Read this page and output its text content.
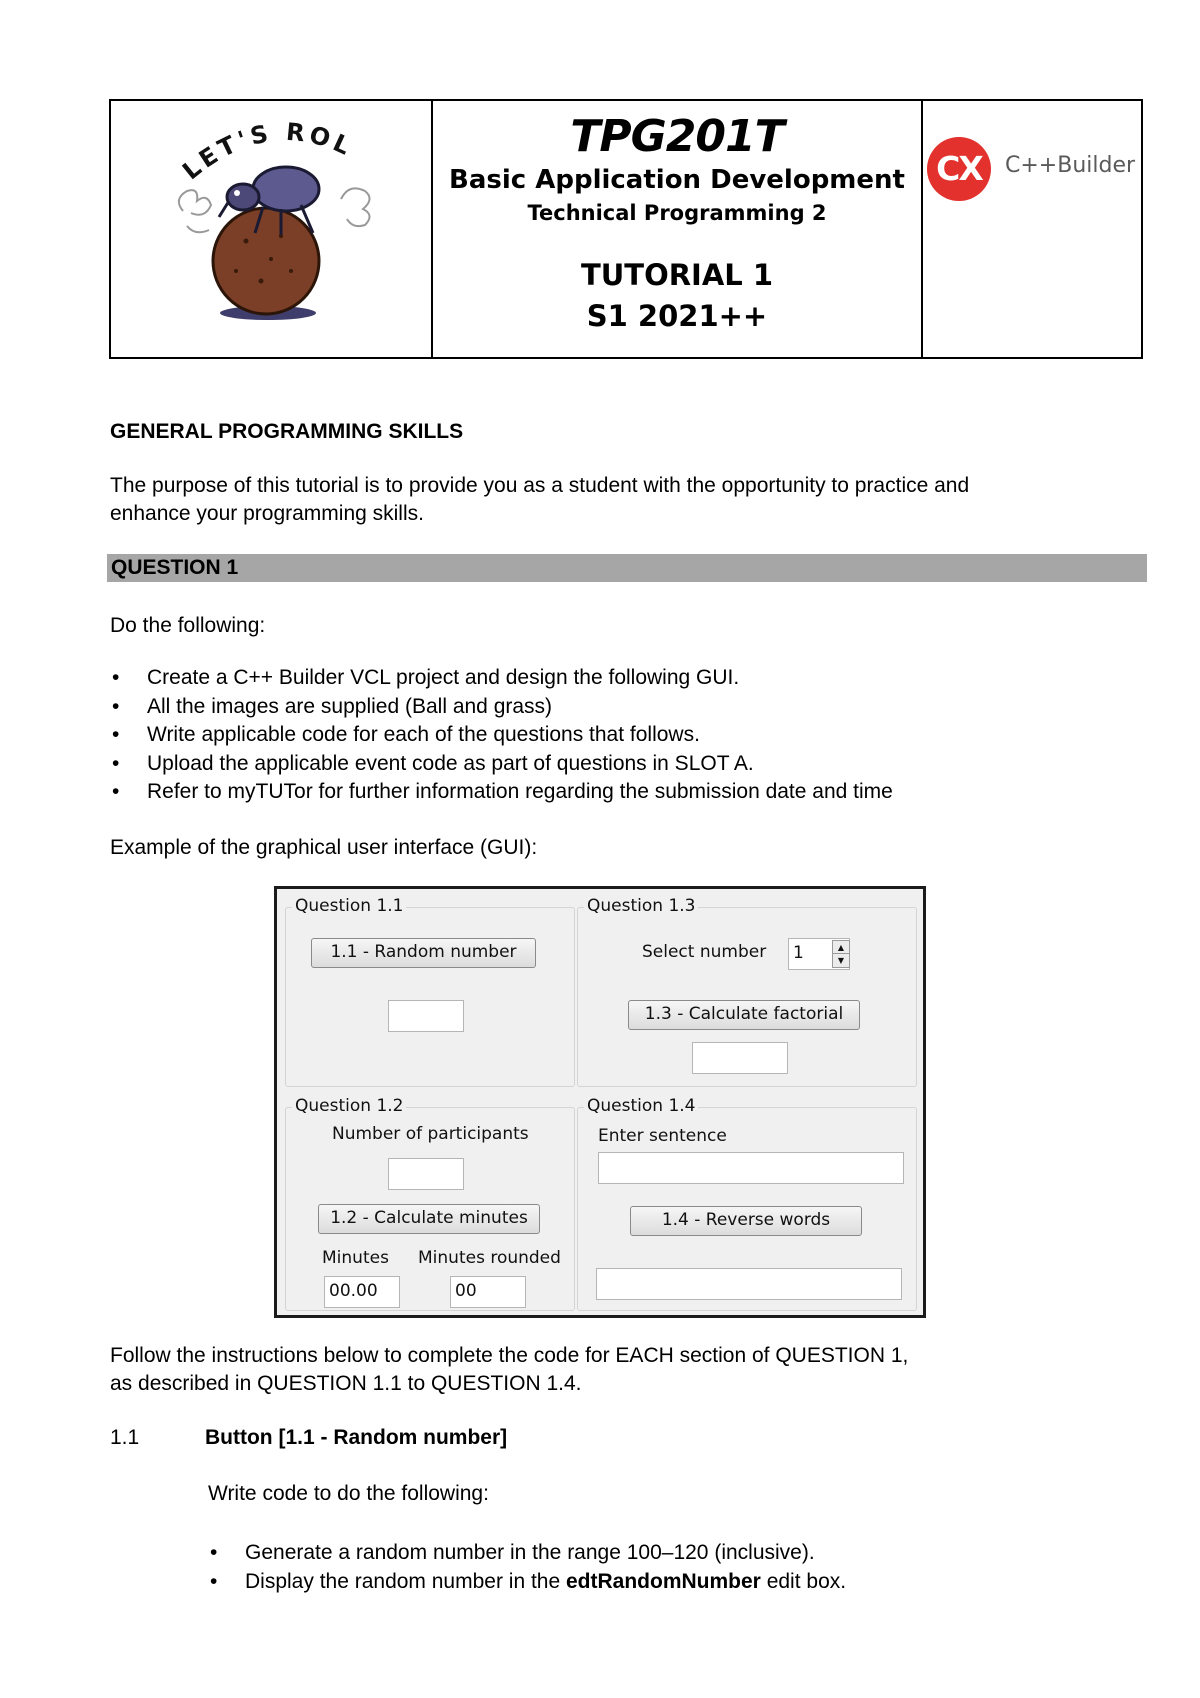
LET'S ROL	TPG201T
Basic Application Development
Technical Programming 2
TUTORIAL 1
S1 2021++
CX	C++Builder
GENERAL PROGRAMMING SKILLS
The purpose of this tutorial is to provide you as a student with the opportunity to practice and
enhance your programming skills.
QUESTION 1
Do the following:
• Create a C++ Builder VCL project and design the following GUI.
• All the images are supplied (Ball and grass)
• Write applicable code for each of the questions that follows.
• Upload the applicable event code as part of questions in SLOT A.
• Refer to myTUTor for further information regarding the submission date and time
Example of the graphical user interface (GUI):
Question 1.1
1.1 - Random number
Question 1.3
Select number 1	▲
▼
1.3 - Calculate factorial
Question 1.2
Number of participants
1.2 - Calculate minutes
Minutes Minutes rounded
00.00	00
Question 1.4
Enter sentence
1.4 - Reverse words
Follow the instructions below to complete the code for EACH section of QUESTION 1,
as described in QUESTION 1.1 to QUESTION 1.4.
1.1	Button [1.1 - Random number]
Write code to do the following:
• Generate a random number in the range 100–120 (inclusive).
• Display the random number in the edtRandomNumber edit box.
